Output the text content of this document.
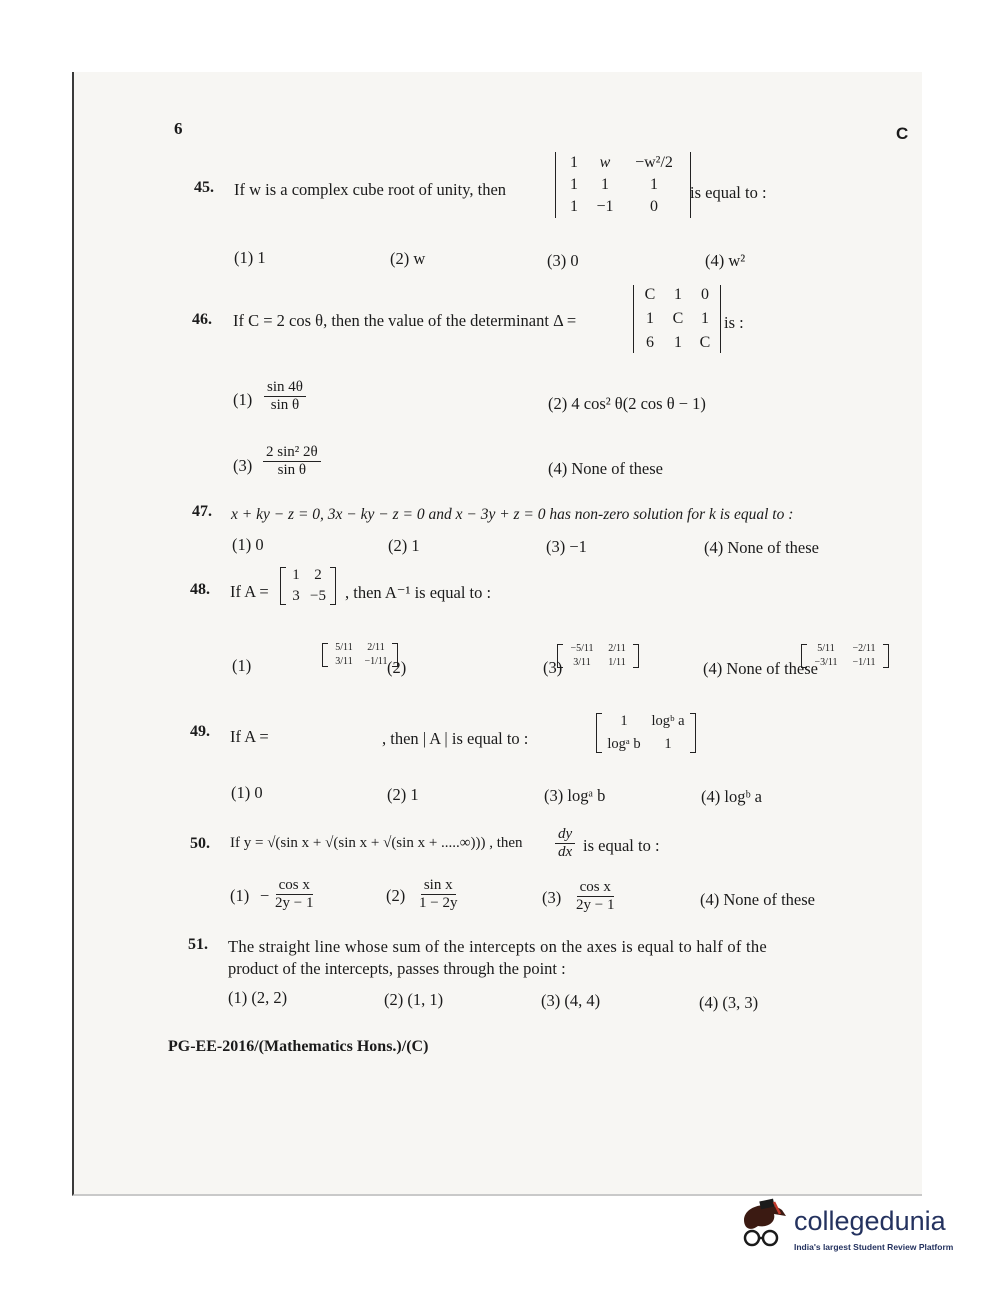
6	C
45. If w is a complex cube root of unity, then
1	w	−w²/2
1	1	1
1	−1	0
is equal to :
(1) 1	(2) w	(3) 0	(4) w²
46. If C = 2 cos θ, then the value of the determinant Δ =
C	1	0
1	C	1
6	1	C
is :
$(1) \frac{\sin 4\theta}{\text{sin θ}}$	(2) 4 cos² θ(2 cos θ − 1)
$(3) \frac{\text{2 sin² 2θ}}{\text{sin θ}}$	(4) None of these
47. x + ky − z = 0, 3x − ky − z = 0 and x − 3y + z = 0 has non-zero solution for k is equal to :
(1) 0	(2) 1	(3) −1	(4) None of these
48. If A =
1 2
3 −5
, then A⁻¹ is equal to :
(1)
5/11	2/11
3/11	−1/11
(2)
−5/11	2/11
3/11	1/11

(3)
5/11	−2/11
−3/11	−1/11

(4) None of these
49. If A =
1	logᵇ a
logᵃ b	1
, then | A | is equal to :
(1) 0	(2) 1	(3) logᵃ b	(4) logᵇ a
50. If y = √(sin x + √(sin x + √(sin x + .....∞))) , then $\frac{dy}{dx}$ is equal to :
$(1) - \frac{\text{cos x}}{2y - 1}$	$(2) \frac{\text{sin x}}{1 - 2y}$	$(3) \frac{\text{cos x}}{2y - 1}$	(4) None of these
51. The straight line whose sum of the intercepts on the axes is equal to half of the
product of the intercepts, passes through the point :
(1) (2, 2)	(2) (1, 1)	(3) (4, 4)	(4) (3, 3)
PG-EE-2016/(Mathematics Hons.)/(C)
collegedunia
India's largest Student Review Platform
